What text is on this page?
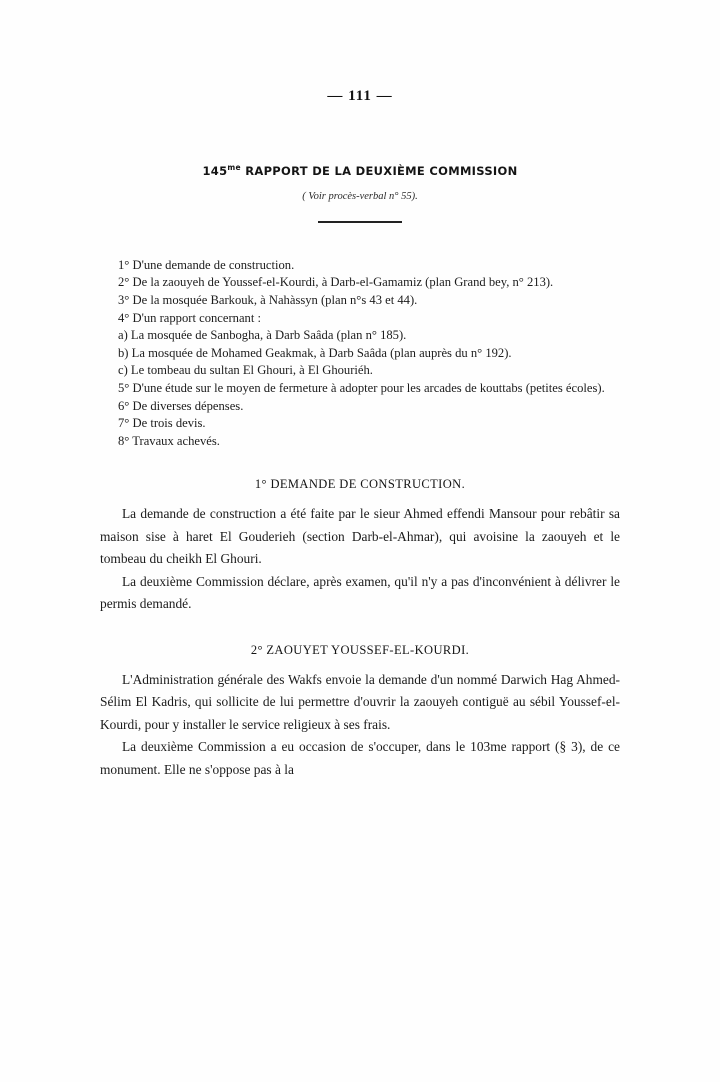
— 111 —
$145^{me}$ RAPPORT DE LA DEUXIÈME COMMISSION
( Voir procès-verbal n° 55).

1° D'une demande de construction.

2° De la zaouyeh de Youssef-el-Kourdi, à Darb-el-Gamamiz (plan Grand bey, n° 213).

3° De la mosquée Barkouk, à Nahàssyn (plan n°s 43 et 44).

4° D'un rapport concernant :

a) La mosquée de Sanbogha, à Darb Saâda (plan n° 185).

b) La mosquée de Mohamed Geakmak, à Darb Saâda (plan auprès du n° 192).

c) Le tombeau du sultan El Ghouri, à El Ghouriéh.

5° D'une étude sur le moyen de fermeture à adopter pour les arcades de kouttabs (petites écoles).

6° De diverses dépenses.

7° De trois devis.

8° Travaux achevés.

1° DEMANDE DE CONSTRUCTION.

La demande de construction a été faite par le sieur Ahmed effendi Mansour pour rebâtir sa maison sise à haret El Gouderieh (section Darb-el-Ahmar), qui avoisine la zaouyeh et le tombeau du cheikh El Ghouri.

La deuxième Commission déclare, après examen, qu'il n'y a pas d'inconvénient à délivrer le permis demandé.

2° ZAOUYET YOUSSEF-EL-KOURDI.

L'Administration générale des Wakfs envoie la demande d'un nommé Darwich Hag Ahmed-Sélim El Kadris, qui sollicite de lui permettre d'ouvrir la zaouyeh contiguë au sébil Youssef-el-Kourdi, pour y installer le service religieux à ses frais.

La deuxième Commission a eu occasion de s'occuper, dans le 103me rapport (§ 3), de ce monument. Elle ne s'oppose pas à la
